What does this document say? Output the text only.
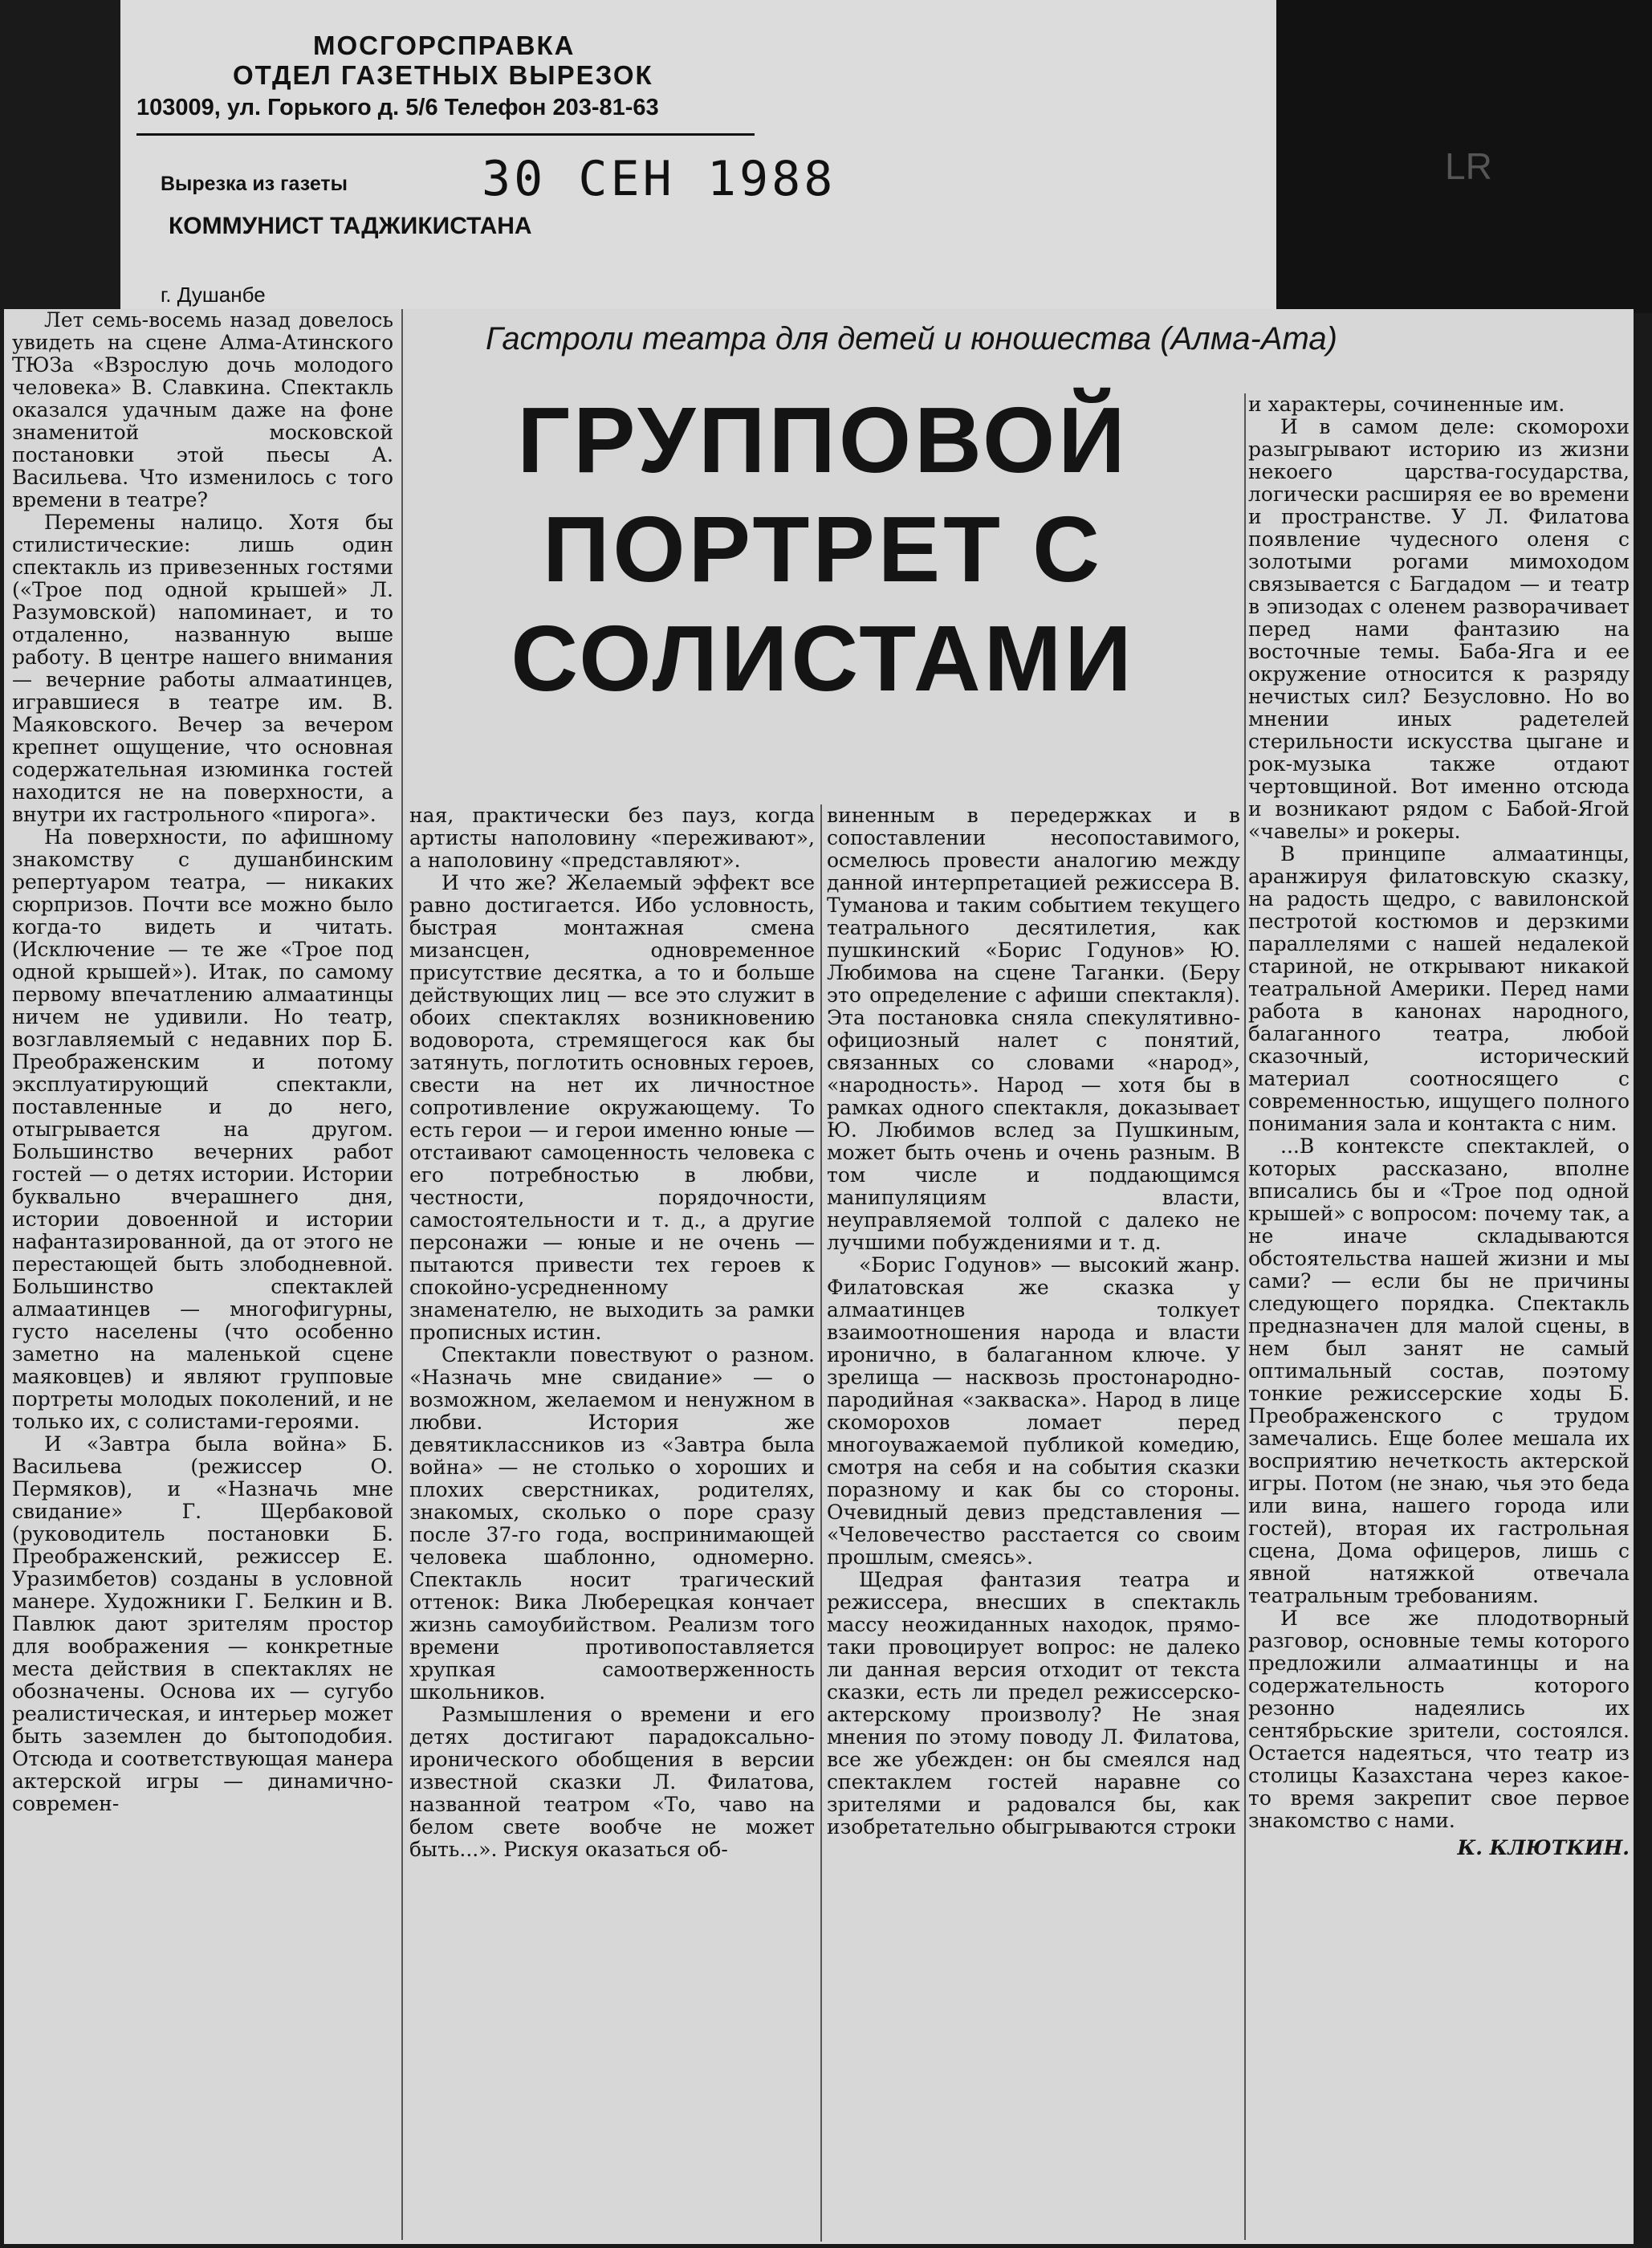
МОСГОРСПРАВКА
ОТДЕЛ ГАЗЕТНЫХ ВЫРЕЗОК
103009, ул. Горького д. 5/6 Телефон 203-81-63
Вырезка из газеты	30 СЕН 1988
КОММУНИСТ ТАДЖИКИСТАНА
г. Душанбе
LR

Лет семь-восемь назад довелось увидеть на сцене Алма-Атинского ТЮЗа «Взрослую дочь молодого человека» В. Славкина. Спектакль оказался удачным даже на фоне знаменитой московской постановки этой пьесы А. Васильева. Что изменилось с того времени в театре?

Перемены налицо. Хотя бы стилистические: лишь один спектакль из привезенных гостями («Трое под одной крышей» Л. Разумовской) напоминает, и то отдаленно, названную выше работу. В центре нашего внимания — вечерние работы алмаатинцев, игравшиеся в театре им. В. Маяковского. Вечер за вечером крепнет ощущение, что основная содержательная изюминка гостей находится не на поверхности, а внутри их гастрольного «пирога».

На поверхности, по афишному знакомству с душанбинским репертуаром театра, — никаких сюрпризов. Почти все можно было когда-то видеть и читать. (Исключение — те же «Трое под одной крышей»). Итак, по самому первому впечатлению алмаатинцы ничем не удивили. Но театр, возглавляемый с недавних пор Б. Преображенским и потому эксплуатирующий спектакли, поставленные и до него, отыгрывается на другом. Большинство вечерних работ гостей — о детях истории. Истории буквально вчерашнего дня, истории довоенной и истории нафантазированной, да от этого не перестающей быть злободневной. Большинство спектаклей алмаатинцев — многофигурны, густо населены (что особенно заметно на маленькой сцене маяковцев) и являют групповые портреты молодых поколений, и не только их, с солистами-героями.

И «Завтра была война» Б. Васильева (режиссер О. Пермяков), и «Назначь мне свидание» Г. Щербаковой (руководитель постановки Б. Преображенский, режиссер Е. Уразимбетов) созданы в условной манере. Художники Г. Белкин и В. Павлюк дают зрителям простор для воображения — конкретные места действия в спектаклях не обозначены. Основа их — сугубо реалистическая, и интерьер может быть заземлен до бытоподобия. Отсюда и соответствующая манера актерской игры — динамично-современ-

Гастроли театра для детей и юношества (Алма-Ата)
ГРУППОВОЙ
ПОРТРЕТ С
СОЛИСТАМИ

ная, практически без пауз, когда артисты наполовину «переживают», а наполовину «представляют».

И что же? Желаемый эффект все равно достигается. Ибо условность, быстрая монтажная смена мизансцен, одновременное присутствие десятка, а то и больше действующих лиц — все это служит в обоих спектаклях возникновению водоворота, стремящегося как бы затянуть, поглотить основных героев, свести на нет их личностное сопротивление окружающему. То есть герои — и герои именно юные — отстаивают самоценность человека с его потребностью в любви, честности, порядочности, самостоятельности и т. д., а другие персонажи — юные и не очень — пытаются привести тех героев к спокойно-усредненному знаменателю, не выходить за рамки прописных истин.

Спектакли повествуют о разном. «Назначь мне свидание» — о возможном, желаемом и ненужном в любви. История же девятиклассников из «Завтра была война» — не столько о хороших и плохих сверстниках, родителях, знакомых, сколько о поре сразу после 37-го года, воспринимающей человека шаблонно, одномерно. Спектакль носит трагический оттенок: Вика Люберецкая кончает жизнь самоубийством. Реализм того времени противопоставляется хрупкая самоотверженность школьников.

Размышления о времени и его детях достигают парадоксально-иронического обобщения в версии известной сказки Л. Филатова, названной театром «То, чаво на белом свете вообче не может быть...». Рискуя оказаться об-

виненным в передержках и в сопоставлении несопоставимого, осмелюсь провести аналогию между данной интерпретацией режиссера В. Туманова и таким событием текущего театрального десятилетия, как пушкинский «Борис Годунов» Ю. Любимова на сцене Таганки. (Беру это определение с афиши спектакля). Эта постановка сняла спекулятивно-официозный налет с понятий, связанных со словами «народ», «народность». Народ — хотя бы в рамках одного спектакля, доказывает Ю. Любимов вслед за Пушкиным, может быть очень и очень разным. В том числе и поддающимся манипуляциям власти, неуправляемой толпой с далеко не лучшими побуждениями и т. д.

«Борис Годунов» — высокий жанр. Филатовская же сказка у алмаатинцев толкует взаимоотношения народа и власти иронично, в балаганном ключе. У зрелища — насквозь простонародно-пародийная «закваска». Народ в лице скоморохов ломает перед многоуважаемой публикой комедию, смотря на себя и на события сказки поразному и как бы со стороны. Очевидный девиз представления — «Человечество расстается со своим прошлым, смеясь».

Щедрая фантазия театра и режиссера, внесших в спектакль массу неожиданных находок, прямо-таки провоцирует вопрос: не далеко ли данная версия отходит от текста сказки, есть ли предел режиссерско-актерскому произволу? Не зная мнения по этому поводу Л. Филатова, все же убежден: он бы смеялся над спектаклем гостей наравне со зрителями и радовался бы, как изобретательно обыгрываются строки

и характеры, сочиненные им.

И в самом деле: скоморохи разыгрывают историю из жизни некоего царства-государства, логически расширяя ее во времени и пространстве. У Л. Филатова появление чудесного оленя с золотыми рогами мимоходом связывается с Багдадом — и театр в эпизодах с оленем разворачивает перед нами фантазию на восточные темы. Баба-Яга и ее окружение относится к разряду нечистых сил? Безусловно. Но во мнении иных радетелей стерильности искусства цыгане и рок-музыка также отдают чертовщиной. Вот именно отсюда и возникают рядом с Бабой-Ягой «чавелы» и рокеры.

В принципе алмаатинцы, аранжируя филатовскую сказку, на радость щедро, с вавилонской пестротой костюмов и дерзкими параллелями с нашей недалекой стариной, не открывают никакой театральной Америки. Перед нами работа в канонах народного, балаганного театра, любой сказочный, исторический материал соотносящего с современностью, ищущего полного понимания зала и контакта с ним.

...В контексте спектаклей, о которых рассказано, вполне вписались бы и «Трое под одной крышей» с вопросом: почему так, а не иначе складываются обстоятельства нашей жизни и мы сами? — если бы не причины следующего порядка. Спектакль предназначен для малой сцены, в нем был занят не самый оптимальный состав, поэтому тонкие режиссерские ходы Б. Преображенского с трудом замечались. Еще более мешала их восприятию нечеткость актерской игры. Потом (не знаю, чья это беда или вина, нашего города или гостей), вторая их гастрольная сцена, Дома офицеров, лишь с явной натяжкой отвечала театральным требованиям.

И все же плодотворный разговор, основные темы которого предложили алмаатинцы и на содержательность которого резонно надеялись их сентябрьские зрители, состоялся. Остается надеяться, что театр из столицы Казахстана через какое-то время закрепит свое первое знакомство с нами.

К. КЛЮТКИН.
